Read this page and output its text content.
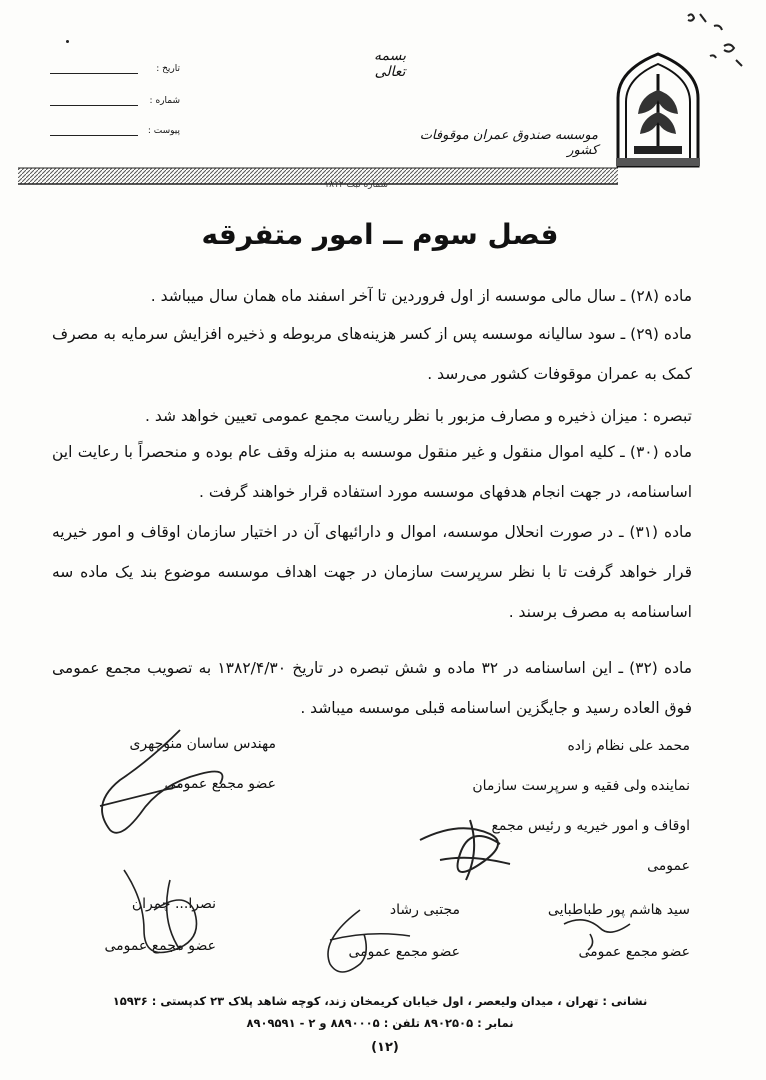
بسمه تعالی
موسسه صندوق عمران موقوفات کشور
تاریخ :
شماره :
پیوست :
شماره ثبت ۱۸۱۲
فصل سوم ــ امور متفرقه
ماده (۲۸) ـ سال مالی موسسه از اول فروردین تا آخر اسفند ماه همان سال میباشد .
ماده (۲۹) ـ سود سالیانه موسسه پس از کسر هزینه‌های مربوطه و ذخیره افزایش سرمایه به مصرف کمک به عمران موقوفات کشور می‌رسد .
تبصره : میزان ذخیره و مصارف مزبور با نظر ریاست مجمع عمومی تعیین خواهد شد .
ماده (۳۰) ـ کلیه اموال منقول و غیر منقول موسسه به منزله وقف عام بوده و منحصراً با رعایت این اساسنامه، در جهت انجام هدفهای موسسه مورد استفاده قرار خواهند گرفت .
ماده (۳۱) ـ در صورت انحلال موسسه، اموال و دارائیهای آن در اختیار سازمان اوقاف و امور خیریه قرار خواهد گرفت تا با نظر سرپرست سازمان در جهت اهداف موسسه موضوع بند یک ماده سه اساسنامه به مصرف برسند .
ماده (۳۲) ـ این اساسنامه در ۳۲ ماده و شش تبصره در تاریخ ۱۳۸۲/۴/۳۰ به تصویب مجمع عمومی فوق العاده رسید و جایگزین اساسنامه قبلی موسسه میباشد .
محمد علی نظام زاده
نماینده ولی فقیه و سرپرست سازمان
اوقاف و امور خیریه و رئیس مجمع
عمومی
مهندس ساسان منوچهری
عضو مجمع عمومی
سید هاشم پور طباطبایی
عضو مجمع عمومی
مجتبی رشاد
عضو مجمع عمومی
نصرا... چمران
عضو مجمع عمومی
نشانی : تهران ، میدان ولیعصر ، اول خیابان کریمخان زند، کوچه شاهد پلاک ۲۳ کدپستی : ۱۵۹۳۶
نمابر : ۸۹۰۲۵۰۵ تلفن : ۸۸۹۰۰۰۵ و ۲ - ۸۹۰۹۵۹۱
(۱۲)
